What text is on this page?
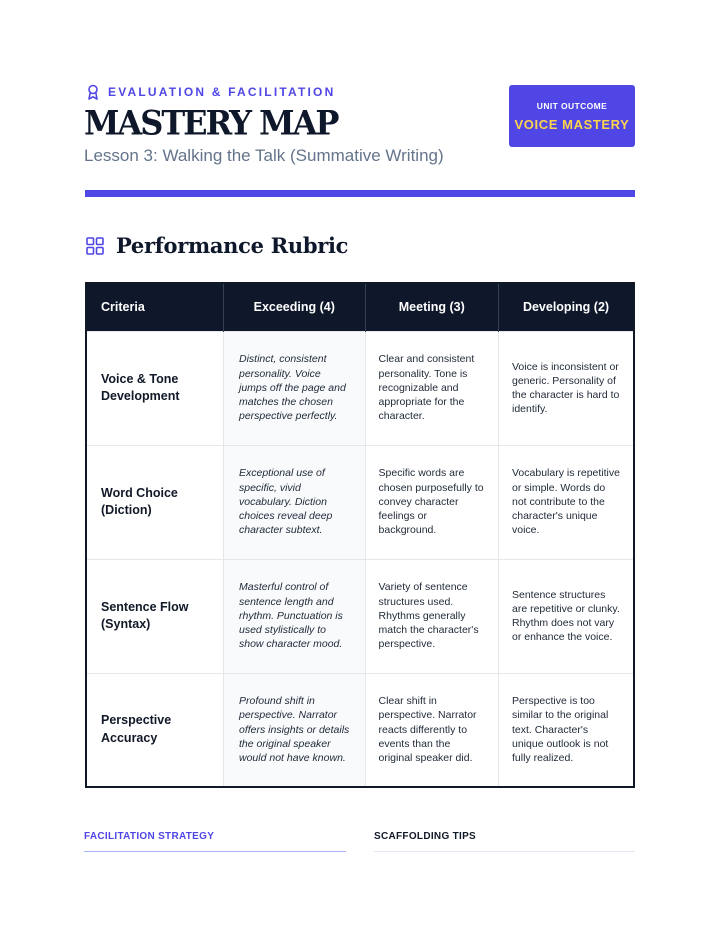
EVALUATION & FACILITATION
MASTERY MAP
Lesson 3: Walking the Talk (Summative Writing)
UNIT OUTCOME
VOICE MASTERY
Performance Rubric
Criteria	Exceeding (4)	Meeting (3)	Developing (2)
Voice & Tone Development	Distinct, consistent personality. Voice jumps off the page and matches the chosen perspective perfectly.	Clear and consistent personality. Tone is recognizable and appropriate for the character.	Voice is inconsistent or generic. Personality of the character is hard to identify.
Word Choice (Diction)	Exceptional use of specific, vivid vocabulary. Diction choices reveal deep character subtext.	Specific words are chosen purposefully to convey character feelings or background.	Vocabulary is repetitive or simple. Words do not contribute to the character's unique voice.
Sentence Flow (Syntax)	Masterful control of sentence length and rhythm. Punctuation is used stylistically to show character mood.	Variety of sentence structures used. Rhythms generally match the character's perspective.	Sentence structures are repetitive or clunky. Rhythm does not vary or enhance the voice.
Perspective Accuracy	Profound shift in perspective. Narrator offers insights or details the original speaker would not have known.	Clear shift in perspective. Narrator reacts differently to events than the original speaker did.	Perspective is too similar to the original text. Character's unique outlook is not fully realized.
FACILITATION STRATEGY	SCAFFOLDING TIPS
